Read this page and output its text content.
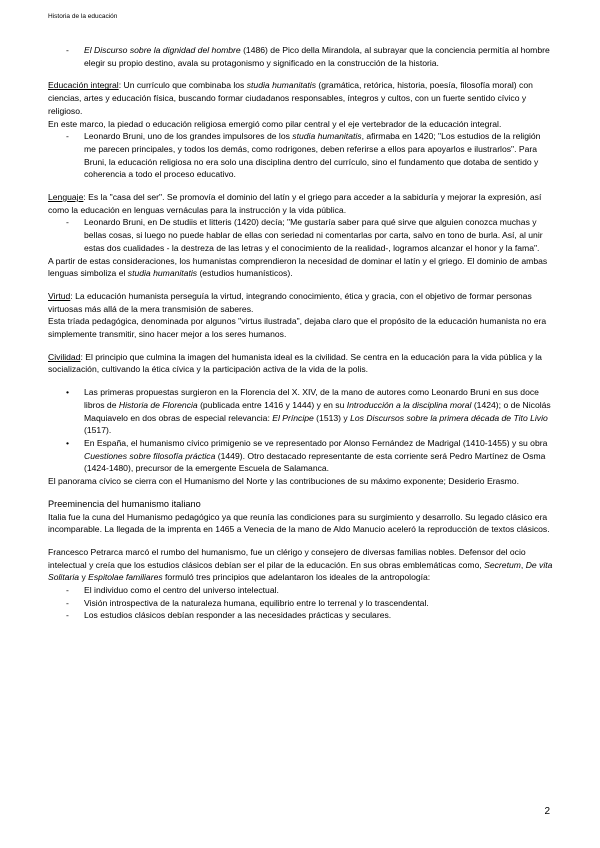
Historia de la educación
- El Discurso sobre la dignidad del hombre (1486) de Pico della Mirandola, al subrayar que la conciencia permitía al hombre elegir su propio destino, avala su protagonismo y significado en la construcción de la historia.

Educación integral: Un currículo que combinaba los studia humanitatis (gramática, retórica, historia, poesía, filosofía moral) con ciencias, artes y educación física, buscando formar ciudadanos responsables, íntegros y cultos, con un fuerte sentido cívico y religioso.

En este marco, la piedad o educación religiosa emergió como pilar central y el eje vertebrador de la educación integral.

- Leonardo Bruni, uno de los grandes impulsores de los studia humanitatis, afirmaba en 1420; "Los estudios de la religión me parecen principales, y todos los demás, como rodrigones, deben referirse a ellos para apoyarlos e ilustrarlos". Para Bruni, la educación religiosa no era solo una disciplina dentro del currículo, sino el fundamento que dotaba de sentido y coherencia a todo el proceso educativo.

Lenguaje: Es la "casa del ser". Se promovía el dominio del latín y el griego para acceder a la sabiduría y mejorar la expresión, así como la educación en lenguas vernáculas para la instrucción y la vida pública.

- Leonardo Bruni, en De studiis et litteris (1420) decía; "Me gustaría saber para qué sirve que alguien conozca muchas y bellas cosas, si luego no puede hablar de ellas con seriedad ni comentarlas por carta, salvo en tono de burla. Así, al unir estas dos cualidades - la destreza de las letras y el conocimiento de la realidad-, logramos alcanzar el honor y la fama".

A partir de estas consideraciones, los humanistas comprendieron la necesidad de dominar el latín y el griego. El dominio de ambas lenguas simboliza el studia humanitatis (estudios humanísticos).

Virtud: La educación humanista perseguía la virtud, integrando conocimiento, ética y gracia, con el objetivo de formar personas virtuosas más allá de la mera transmisión de saberes.

Esta tríada pedagógica, denominada por algunos "virtus ilustrada", dejaba claro que el propósito de la educación humanista no era simplemente transmitir, sino hacer mejor a los seres humanos.

Civilidad: El principio que culmina la imagen del humanista ideal es la civilidad. Se centra en la educación para la vida pública y la socialización, cultivando la ética cívica y la participación activa de la vida de la polis.

• Las primeras propuestas surgieron en la Florencia del X. XIV, de la mano de autores como Leonardo Bruni en sus doce libros de Historia de Florencia (publicada entre 1416 y 1444) y en su Introducción a la disciplina moral (1424); o de Nicolás Maquiavelo en dos obras de especial relevancia: El Príncipe (1513) y Los Discursos sobre la primera década de Tito Livio (1517).
• En España, el humanismo cívico primigenio se ve representado por Alonso Fernández de Madrigal (1410-1455) y su obra Cuestiones sobre filosofía práctica (1449). Otro destacado representante de esta corriente será Pedro Martínez de Osma (1424-1480), precursor de la emergente Escuela de Salamanca.

El panorama cívico se cierra con el Humanismo del Norte y las contribuciones de su máximo exponente; Desiderio Erasmo.

Preeminencia del humanismo italiano

Italia fue la cuna del Humanismo pedagógico ya que reunía las condiciones para su surgimiento y desarrollo. Su legado clásico era incomparable. La llegada de la imprenta en 1465 a Venecia de la mano de Aldo Manucio aceleró la reproducción de textos clásicos.

Francesco Petrarca marcó el rumbo del humanismo, fue un clérigo y consejero de diversas familias nobles. Defensor del ocio intelectual y creía que los estudios clásicos debían ser el pilar de la educación. En sus obras emblemáticas como, Secretum, De vita Solitaria y Espitolae familiares formuló tres principios que adelantaron los ideales de la antropología:

- El individuo como el centro del universo intelectual.
- Visión introspectiva de la naturaleza humana, equilibrio entre lo terrenal y lo trascendental.
- Los estudios clásicos debían responder a las necesidades prácticas y seculares.
2
